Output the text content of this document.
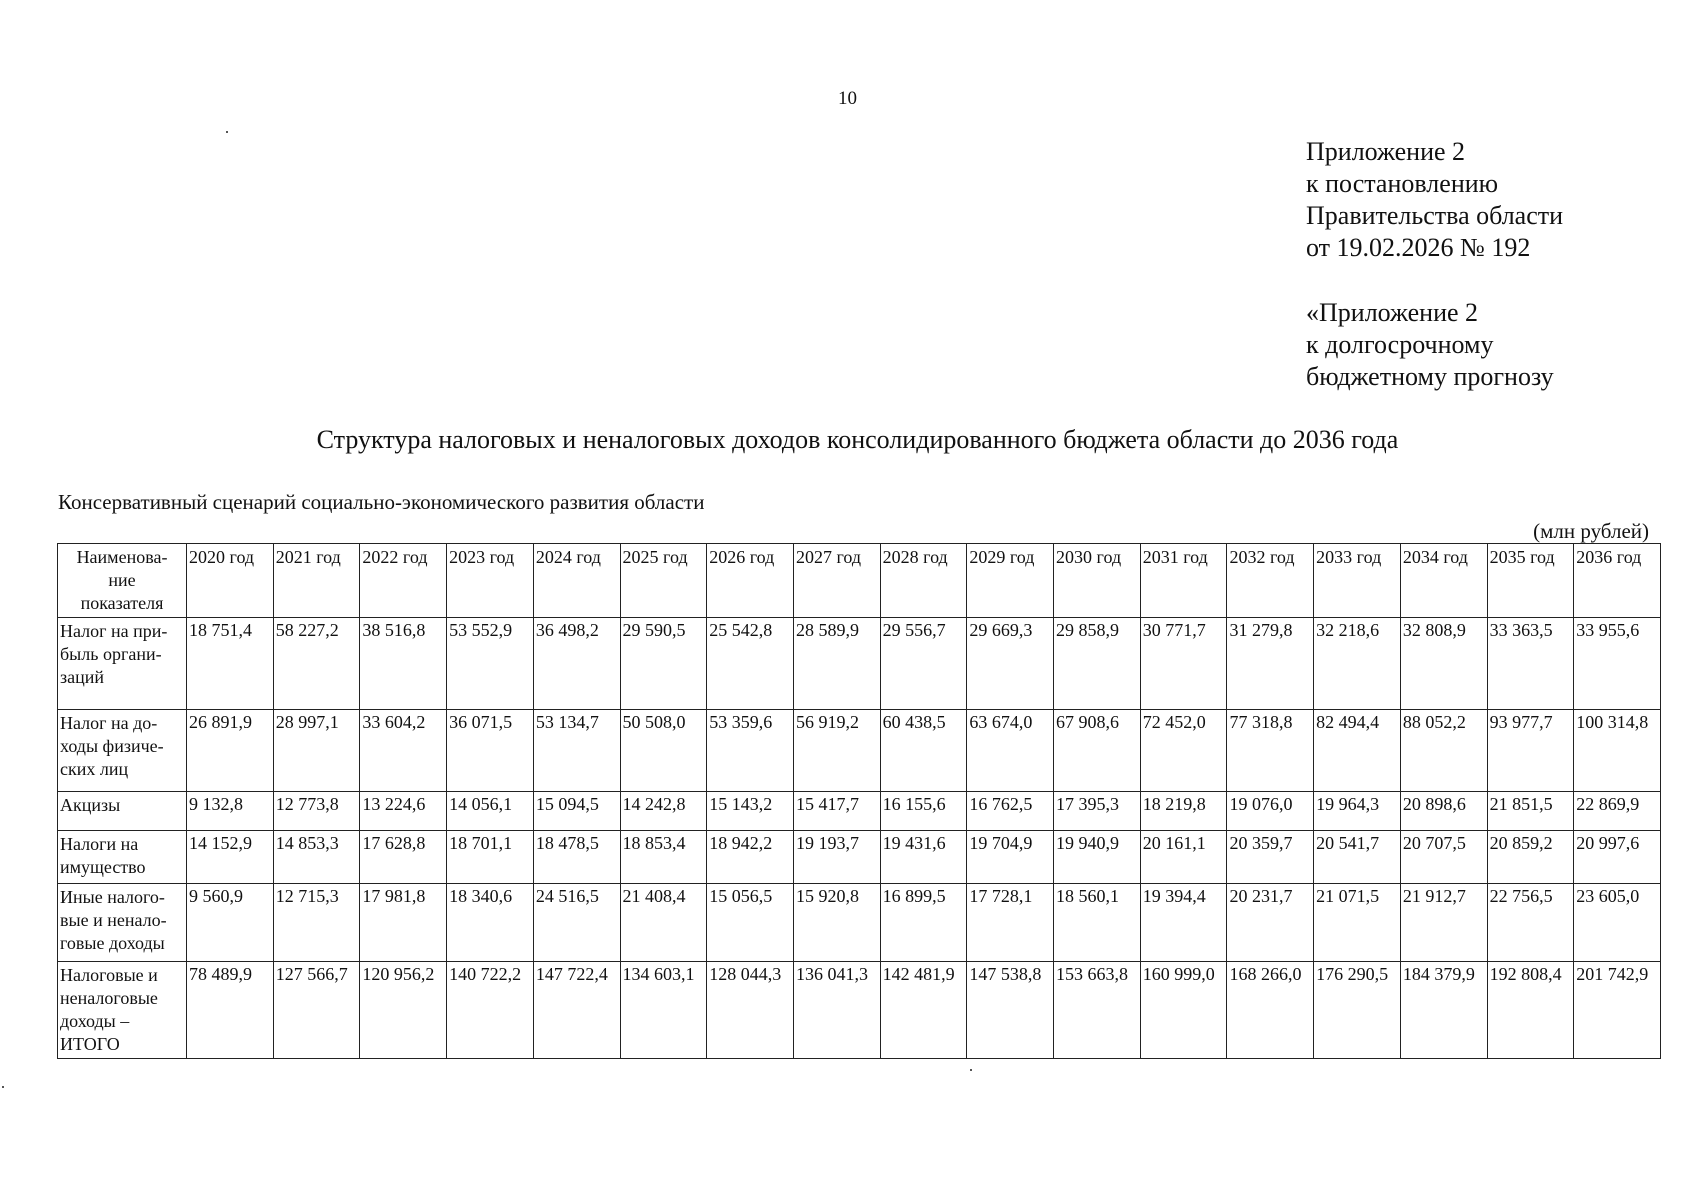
10

Приложение 2

к постановлению

Правительства области

от 19.02.2026 № 192

«Приложение 2

к долгосрочному

бюджетному прогнозу

Структура налоговых и неналоговых доходов консолидированного бюджета области до 2036 года
Консервативный сценарий социально-экономического развития области
(млн рублей)
Наименова-
ние
показателя	2020 год	2021 год	2022 год	2023 год	2024 год	2025 год	2026 год	2027 год	2028 год	2029 год	2030 год	2031 год	2032 год	2033 год	2034 год	2035 год	2036 год
Налог на при-
быль органи-
заций	18 751,4	58 227,2	38 516,8	53 552,9	36 498,2	29 590,5	25 542,8	28 589,9	29 556,7	29 669,3	29 858,9	30 771,7	31 279,8	32 218,6	32 808,9	33 363,5	33 955,6
Налог на до-
ходы физиче-
ских лиц	26 891,9	28 997,1	33 604,2	36 071,5	53 134,7	50 508,0	53 359,6	56 919,2	60 438,5	63 674,0	67 908,6	72 452,0	77 318,8	82 494,4	88 052,2	93 977,7	100 314,8
Акцизы	9 132,8	12 773,8	13 224,6	14 056,1	15 094,5	14 242,8	15 143,2	15 417,7	16 155,6	16 762,5	17 395,3	18 219,8	19 076,0	19 964,3	20 898,6	21 851,5	22 869,9
Налоги на
имущество	14 152,9	14 853,3	17 628,8	18 701,1	18 478,5	18 853,4	18 942,2	19 193,7	19 431,6	19 704,9	19 940,9	20 161,1	20 359,7	20 541,7	20 707,5	20 859,2	20 997,6
Иные налого-
вые и ненало-
говые доходы	9 560,9	12 715,3	17 981,8	18 340,6	24 516,5	21 408,4	15 056,5	15 920,8	16 899,5	17 728,1	18 560,1	19 394,4	20 231,7	21 071,5	21 912,7	22 756,5	23 605,0
Налоговые и
неналоговые
доходы –
ИТОГО	78 489,9	127 566,7	120 956,2	140 722,2	147 722,4	134 603,1	128 044,3	136 041,3	142 481,9	147 538,8	153 663,8	160 999,0	168 266,0	176 290,5	184 379,9	192 808,4	201 742,9
